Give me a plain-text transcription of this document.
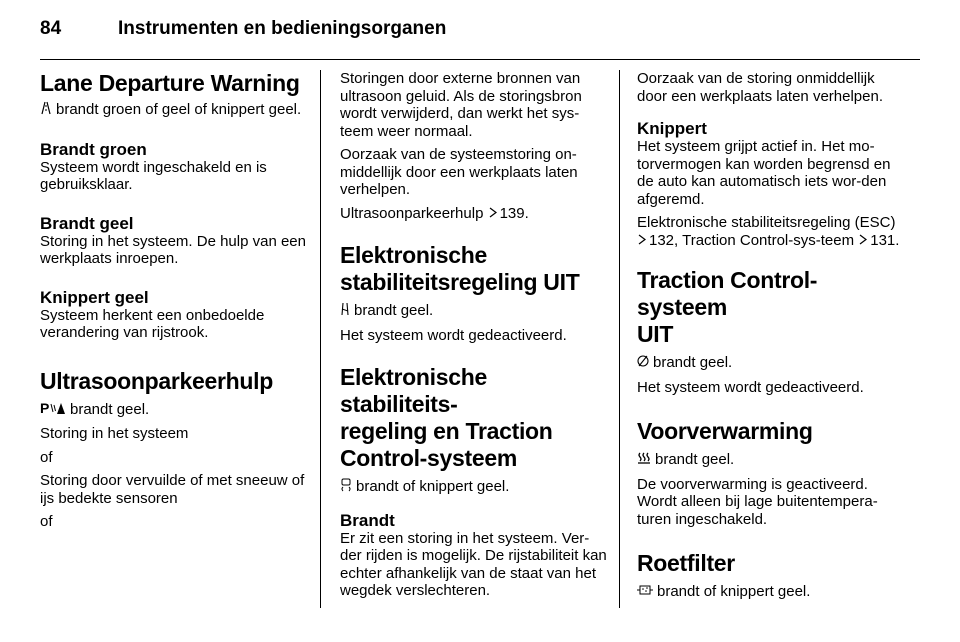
84	Instrumenten en bedieningsorganen
Lane Departure Warning

brandt groen of geel of knippert geel.

Brandt groen

Systeem wordt ingeschakeld en is gebruiksklaar.

Brandt geel

Storing in het systeem. De hulp van een werkplaats inroepen.

Knippert geel

Systeem herkent een onbedoelde verandering van rijstrook.

Ultrasoonparkeerhulp

P brandt geel.

Storing in het systeem

of

Storing door vervuilde of met sneeuw of ijs bedekte sensoren

of

Storingen door externe bronnen van ultrasoon geluid. Als de storingsbron wordt verwijderd, dan werkt het sys-teem weer normaal.

Oorzaak van de systeemstoring on-middellijk door een werkplaats laten verhelpen.

Ultrasoonparkeerhulp 139.

Elektronische
stabiliteitsregeling UIT

brandt geel.

Het systeem wordt gedeactiveerd.

Elektronische stabiliteits-
regeling en Traction
Control-systeem

brandt of knippert geel.

Brandt

Er zit een storing in het systeem. Ver-der rijden is mogelijk. De rijstabiliteit kan echter afhankelijk van de staat van het wegdek verslechteren.

Oorzaak van de storing onmiddellijk door een werkplaats laten verhelpen.

Knippert

Het systeem grijpt actief in. Het mo-torvermogen kan worden begrensd en de auto kan automatisch iets wor-den afgeremd.

Elektronische stabiliteitsregeling (ESC) 132, Traction Control-sys-teem 131.

Traction Control-systeem
UIT

brandt geel.

Het systeem wordt gedeactiveerd.

Voorverwarming

brandt geel.

De voorverwarming is geactiveerd. Wordt alleen bij lage buitentempera-turen ingeschakeld.

Roetfilter

brandt of knippert geel.
